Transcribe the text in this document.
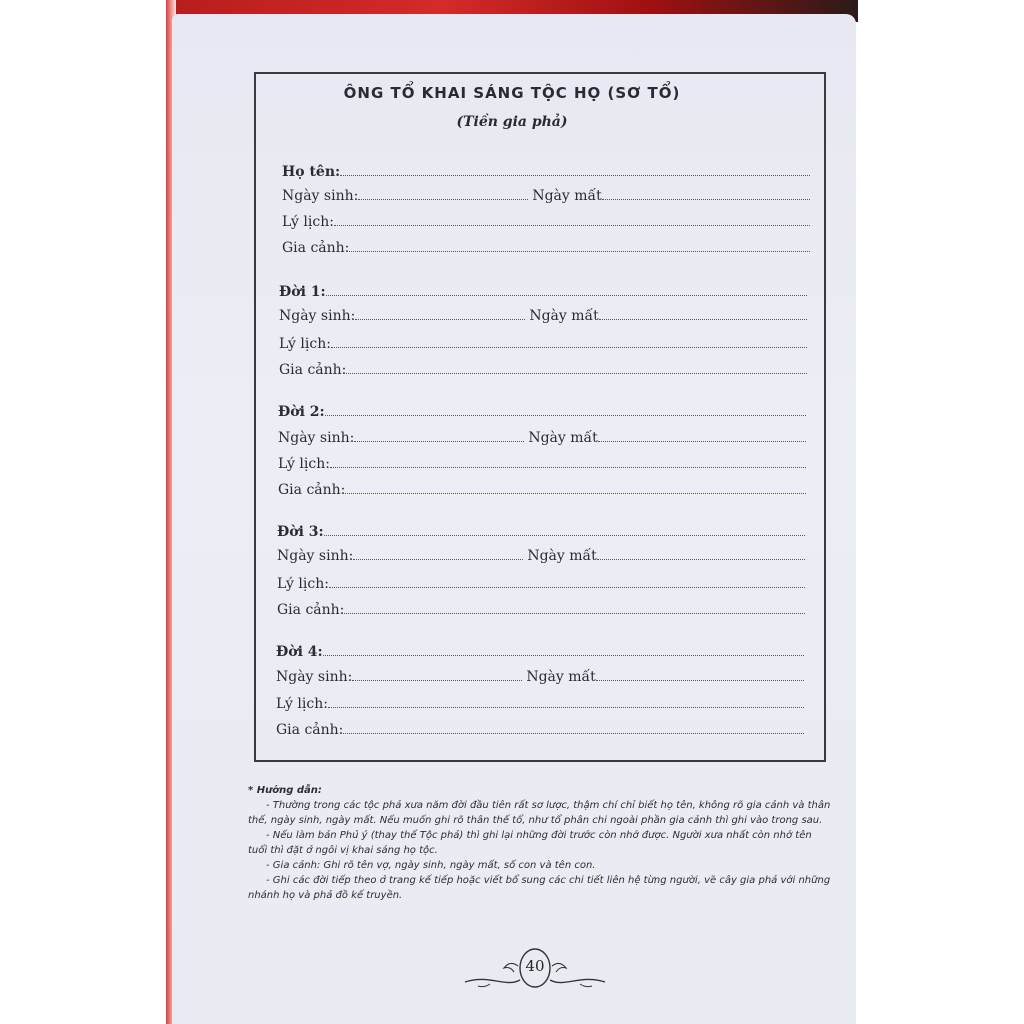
ÔNG TỔ KHAI SÁNG TỘC HỌ (SƠ TỔ)
(Tiền gia phả)
Họ tên:
Ngày sinh:	Ngày mất
Lý lịch:
Gia cảnh:
Đời 1:
Ngày sinh:	Ngày mất
Lý lịch:
Gia cảnh:
Đời 2:
Ngày sinh:	Ngày mất
Lý lịch:
Gia cảnh:
Đời 3:
Ngày sinh:	Ngày mất
Lý lịch:
Gia cảnh:
Đời 4:
Ngày sinh:	Ngày mất
Lý lịch:
Gia cảnh:

* Hướng dẫn:

- Thường trong các tộc phả xưa năm đời đầu tiên rất sơ lược, thậm chí chỉ biết họ tên, không rõ gia cảnh và thân thế, ngày sinh, ngày mất. Nếu muốn ghi rõ thân thế tổ, như tổ phân chi ngoài phần gia cảnh thì ghi vào trong sau.

- Nếu làm bản Phủ ý (thay thế Tộc phả) thì ghi lại những đời trước còn nhớ được. Người xưa nhất còn nhớ tên tuổi thì đặt ở ngôi vị khai sáng họ tộc.

- Gia cảnh: Ghi rõ tên vợ, ngày sinh, ngày mất, số con và tên con.

- Ghi các đời tiếp theo ở trang kế tiếp hoặc viết bổ sung các chi tiết liên hệ từng người, vẽ cây gia phả với những nhánh họ và phả đồ kế truyền.

40
